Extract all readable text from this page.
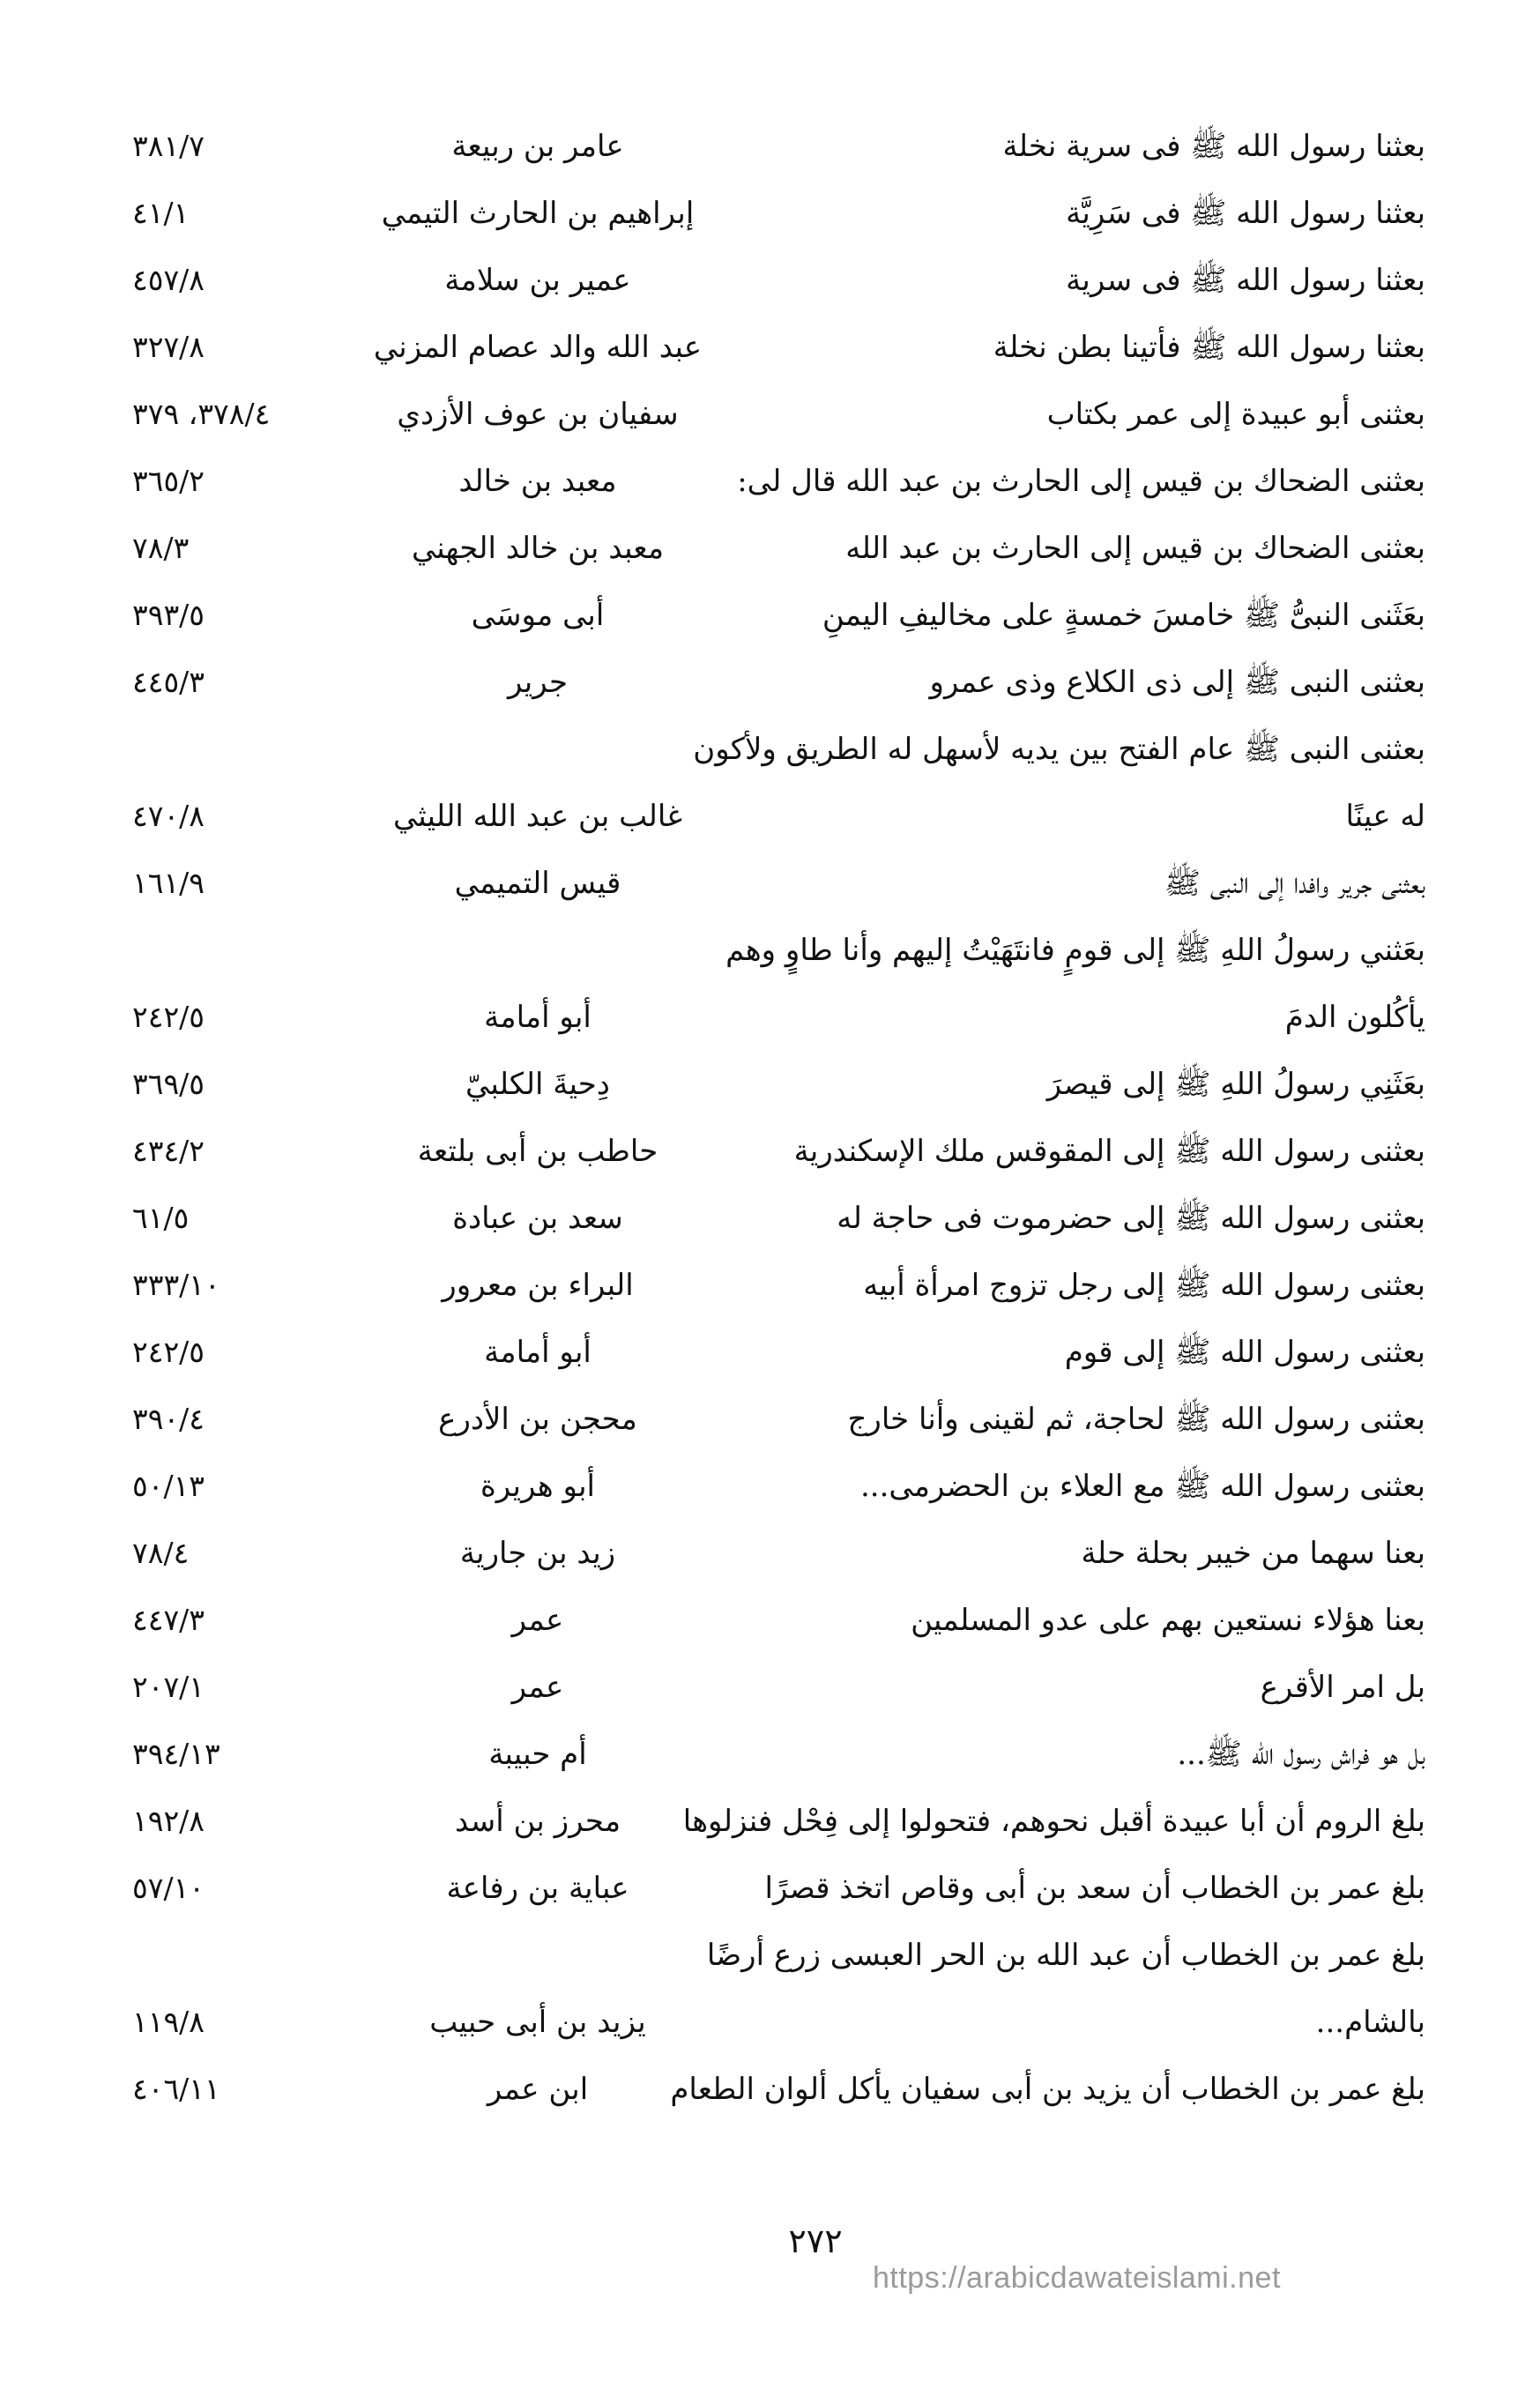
بعثنا رسول الله ﷺ فى سرية نخلة
عامر بن ربيعة
٣٨١/٧
بعثنا رسول الله ﷺ فى سَرِيَّة
إبراهيم بن الحارث التيمي
٤١/١
بعثنا رسول الله ﷺ فى سرية
عمير بن سلامة
٤٥٧/٨
بعثنا رسول الله ﷺ فأتينا بطن نخلة
عبد الله والد عصام المزني
٣٢٧/٨
بعثنى أبو عبيدة إلى عمر بكتاب
سفيان بن عوف الأزدي
٣٧٨/٤، ٣٧٩
بعثنى الضحاك بن قيس إلى الحارث بن عبد الله قال لى:
معبد بن خالد
٣٦٥/٢
بعثنى الضحاك بن قيس إلى الحارث بن عبد الله
معبد بن خالد الجهني
٧٨/٣
بعَثَنى النبىُّ ﷺ خامسَ خمسةٍ على مخاليفِ اليمنِ
أبى موسَى
٣٩٣/٥
بعثنى النبى ﷺ إلى ذى الكلاع وذى عمرو
جرير
٤٤٥/٣
بعثنى النبى ﷺ عام الفتح بين يديه لأسهل له الطريق ولأكون له عينًا
غالب بن عبد الله الليثي
٤٧٠/٨
بعثنى جرير وافدا إلى النبى ﷺ
قيس التميمي
١٦١/٩
بعَثني رسولُ اللهِ ﷺ إلى قومٍ فانتَهَيْتُ إليهم وأنا طاوٍ وهم يأكُلون الدمَ
أبو أمامة
٢٤٢/٥
بعَثَنِي رسولُ اللهِ ﷺ إلى قيصرَ
دِحيةَ الكلبيّ
٣٦٩/٥
بعثنى رسول الله ﷺ إلى المقوقس ملك الإسكندرية
حاطب بن أبى بلتعة
٤٣٤/٢
بعثنى رسول الله ﷺ إلى حضرموت فى حاجة له
سعد بن عبادة
٦١/٥
بعثنى رسول الله ﷺ إلى رجل تزوج امرأة أبيه
البراء بن معرور
٣٣٣/١٠
بعثنى رسول الله ﷺ إلى قوم
أبو أمامة
٢٤٢/٥
بعثنى رسول الله ﷺ لحاجة، ثم لقينى وأنا خارج
محجن بن الأدرع
٣٩٠/٤
بعثنى رسول الله ﷺ مع العلاء بن الحضرمى...
أبو هريرة
٥٠/١٣
بعنا سهما من خيبر بحلة حلة
زيد بن جارية
٧٨/٤
بعنا هؤلاء نستعين بهم على عدو المسلمين
عمر
٤٤٧/٣
بل امر الأقرع
عمر
٢٠٧/١
بل هو فراش رسول الله ﷺ...
أم حبيبة
٣٩٤/١٣
بلغ الروم أن أبا عبيدة أقبل نحوهم، فتحولوا إلى فِحْل فنزلوها
محرز بن أسد
١٩٢/٨
بلغ عمر بن الخطاب أن سعد بن أبى وقاص اتخذ قصرًا
عباية بن رفاعة
٥٧/١٠
بلغ عمر بن الخطاب أن عبد الله بن الحر العبسى زرع أرضًا بالشام...
يزيد بن أبى حبيب
١١٩/٨
بلغ عمر بن الخطاب أن يزيد بن أبى سفيان يأكل ألوان الطعام
ابن عمر
٤٠٦/١١
٢٧٢
https://arabicdawateislami.net
